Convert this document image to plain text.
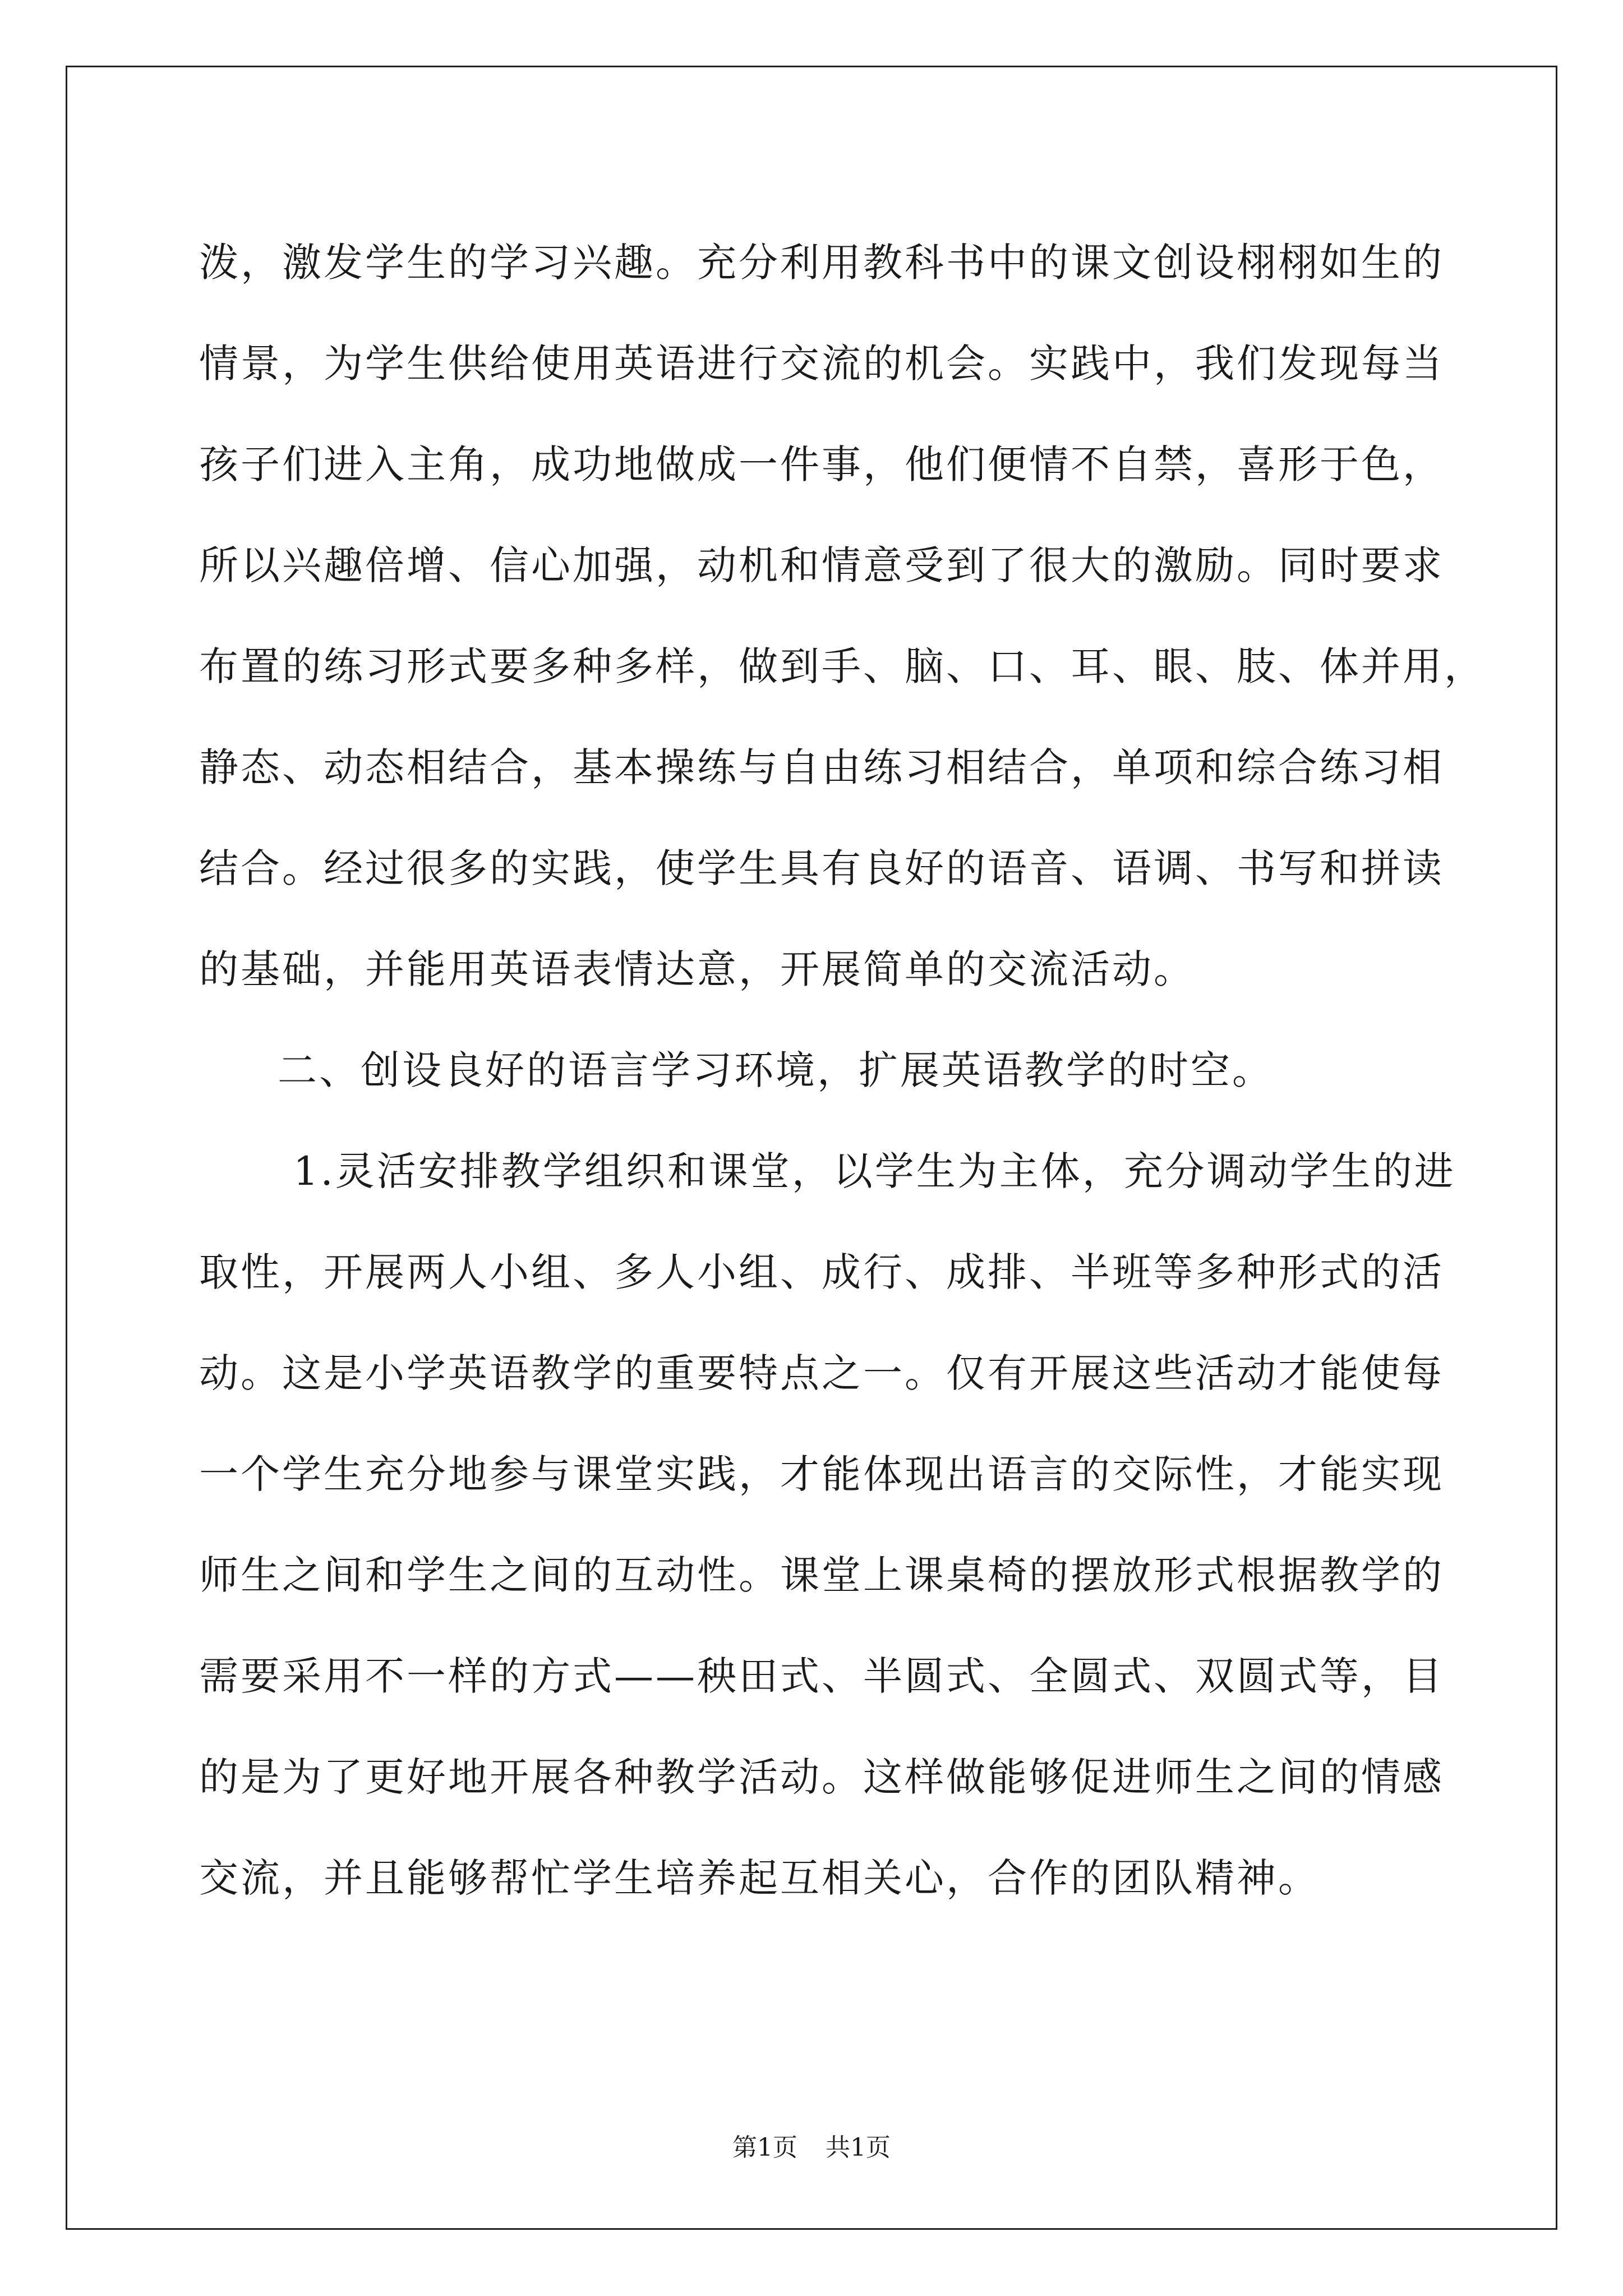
泼，激发学生的学习兴趣。充分利用教科书中的课文创设栩栩如生的
情景，为学生供给使用英语进行交流的机会。实践中，我们发现每当
孩子们进入主角，成功地做成一件事，他们便情不自禁，喜形于色，
所以兴趣倍增、信心加强，动机和情意受到了很大的激励。同时要求
布置的练习形式要多种多样，做到手、脑、口、耳、眼、肢、体并用，
静态、动态相结合，基本操练与自由练习相结合，单项和综合练习相
结合。经过很多的实践，使学生具有良好的语音、语调、书写和拼读
的基础，并能用英语表情达意，开展简单的交流活动。
二、创设良好的语言学习环境，扩展英语教学的时空。
1.灵活安排教学组织和课堂，以学生为主体，充分调动学生的进
取性，开展两人小组、多人小组、成行、成排、半班等多种形式的活
动。这是小学英语教学的重要特点之一。仅有开展这些活动才能使每
一个学生充分地参与课堂实践，才能体现出语言的交际性，才能实现
师生之间和学生之间的互动性。课堂上课桌椅的摆放形式根据教学的
需要采用不一样的方式——秧田式、半圆式、全圆式、双圆式等，目
的是为了更好地开展各种教学活动。这样做能够促进师生之间的情感
交流，并且能够帮忙学生培养起互相关心，合作的团队精神。
第1页 共1页
